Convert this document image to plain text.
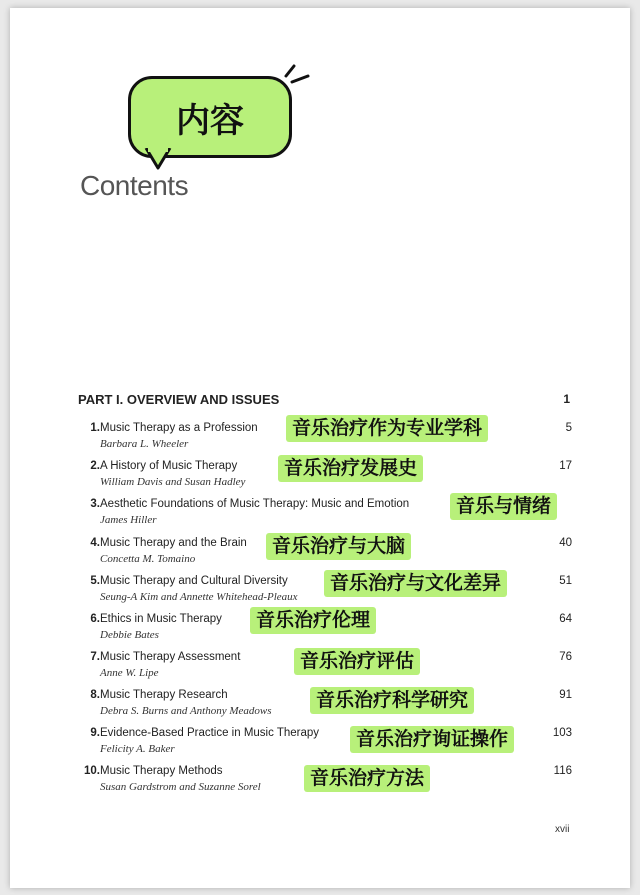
内容
Contents
PART I. OVERVIEW AND ISSUES	1
1. Music Therapy as a Profession
Barbara L. Wheeler
5
音乐治疗作为专业学科
2. A History of Music Therapy
William Davis and Susan Hadley
17
音乐治疗发展史
3. Aesthetic Foundations of Music Therapy: Music and Emotion
James Hiller
音乐与情绪
4. Music Therapy and the Brain
Concetta M. Tomaino
40
音乐治疗与大脑
5. Music Therapy and Cultural Diversity
Seung-A Kim and Annette Whitehead-Pleaux
51
音乐治疗与文化差异
6. Ethics in Music Therapy
Debbie Bates
64
音乐治疗伦理
7. Music Therapy Assessment
Anne W. Lipe
76
音乐治疗评估
8. Music Therapy Research
Debra S. Burns and Anthony Meadows
91
音乐治疗科学研究
9. Evidence-Based Practice in Music Therapy
Felicity A. Baker
103
音乐治疗询证操作
10. Music Therapy Methods
Susan Gardstrom and Suzanne Sorel
116
音乐治疗方法
xvii
